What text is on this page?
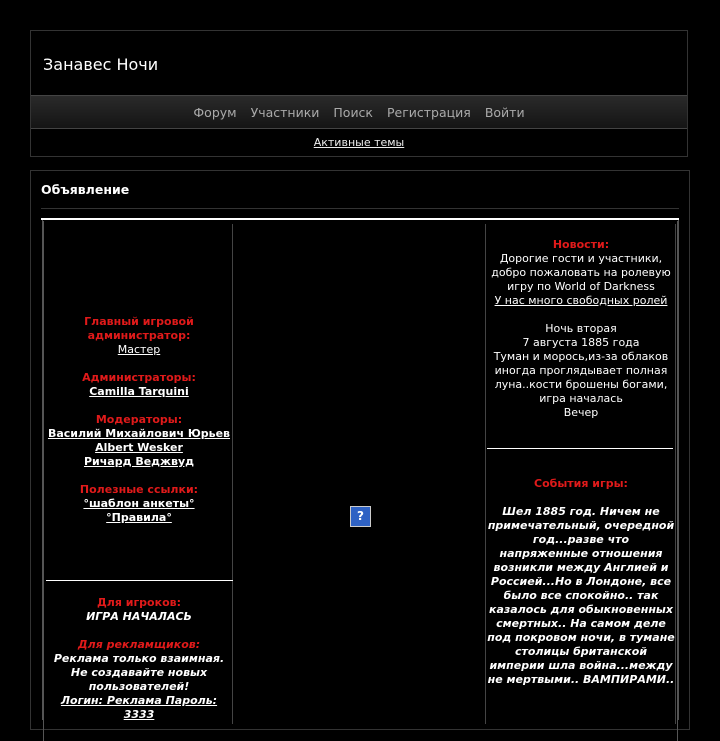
Занавес Ночи
Форум Участники Поиск Регистрация Войти
Активные темы
Объявление
Главный игровой администратор:
Мастер
Администраторы:
Camilla Tarquini
Модераторы:
Василий Михайлович Юрьев
Albert Wesker
Ричард Веджвуд
Полезные ссылки:
°шаблон анкеты°
°Правила°
Для игроков:
ИГРА НАЧАЛАСЬ
Для рекламщиков:
Реклама только взаимная. Не создавайте новых пользователей!
Логин: Реклама Пароль: 3333
?
Новости:
Дорогие гости и участники, добро пожаловать на ролевую игру по World of Darkness
У нас много свободных ролей
Ночь вторая
7 августа 1885 года
Туман и морось,из-за облаков иногда проглядывает полная луна..кости брошены богами, игра началась
Вечер
События игры:
Шел 1885 год. Ничем не примечательный, очередной год...разве что напряженные отношения возникли между Англией и Россией...Но в Лондоне, все было все спокойно.. так казалось для обыкновенных смертных.. На самом деле под покровом ночи, в тумане столицы британской империи шла война...между не мертвыми.. ВАМПИРАМИ..
